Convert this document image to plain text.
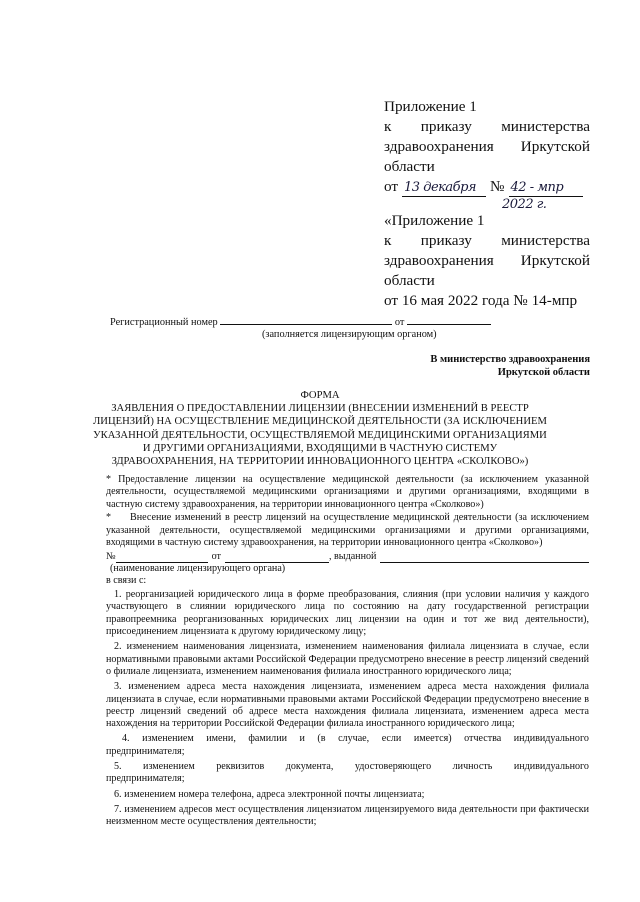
Приложение 1
к приказу министерства
здравоохранения Иркутской
области
от 13 декабря № 42 - мпр
2022 г.
«Приложение 1
к приказу министерства
здравоохранения Иркутской
области
от 16 мая 2022 года № 14-мпр
Регистрационный номер	от
(заполняется лицензирующим органом)
В министерство здравоохранения
Иркутской области
ФОРМА
ЗАЯВЛЕНИЯ О ПРЕДОСТАВЛЕНИИ ЛИЦЕНЗИИ (ВНЕСЕНИИ ИЗМЕНЕНИЙ В РЕЕСТР ЛИЦЕНЗИЙ) НА ОСУЩЕСТВЛЕНИЕ МЕДИЦИНСКОЙ ДЕЯТЕЛЬНОСТИ (ЗА ИСКЛЮЧЕНИЕМ УКАЗАННОЙ ДЕЯТЕЛЬНОСТИ, ОСУЩЕСТВЛЯЕМОЙ МЕДИЦИНСКИМИ ОРГАНИЗАЦИЯМИ И ДРУГИМИ ОРГАНИЗАЦИЯМИ, ВХОДЯЩИМИ В ЧАСТНУЮ СИСТЕМУ ЗДРАВООХРАНЕНИЯ, НА ТЕРРИТОРИИ ИННОВАЦИОННОГО ЦЕНТРА «СКОЛКОВО»)

* Предоставление лицензии на осуществление медицинской деятельности (за исключением указанной деятельности, осуществляемой медицинскими организациями и другими организациями, входящими в частную систему здравоохранения, на территории инновационного центра «Сколково»)

* Внесение изменений в реестр лицензий на осуществление медицинской деятельности (за исключением указанной деятельности, осуществляемой медицинскими организациями и другими организациями, входящими в частную систему здравоохранения, на территории инновационного центра «Сколково»)

№	от	, выданной

(наименование лицензирующего органа)

в связи с:

1. реорганизацией юридического лица в форме преобразования, слияния (при условии наличия у каждого участвующего в слиянии юридического лица по состоянию на дату государственной регистрации правопреемника реорганизованных юридических лиц лицензии на один и тот же вид деятельности), присоединением лицензиата к другому юридическому лицу;

2. изменением наименования лицензиата, изменением наименования филиала лицензиата в случае, если нормативными правовыми актами Российской Федерации предусмотрено внесение в реестр лицензий сведений о филиале лицензиата, изменением наименования филиала иностранного юридического лица;

3. изменением адреса места нахождения лицензиата, изменением адреса места нахождения филиала лицензиата в случае, если нормативными правовыми актами Российской Федерации предусмотрено внесение в реестр лицензий сведений об адресе места нахождения филиала лицензиата, изменением адреса места нахождения на территории Российской Федерации филиала иностранного юридического лица;

4.	изменением	имени,	фамилии	и	(в	случае,	если	имеется)	отчества	индивидуального

предпринимателя;

5. изменением реквизитов документа, удостоверяющего личность индивидуального

предпринимателя;

6. изменением номера телефона, адреса электронной почты лицензиата;

7. изменением адресов мест осуществления лицензиатом лицензируемого вида деятельности при фактически неизменном месте осуществления деятельности;
